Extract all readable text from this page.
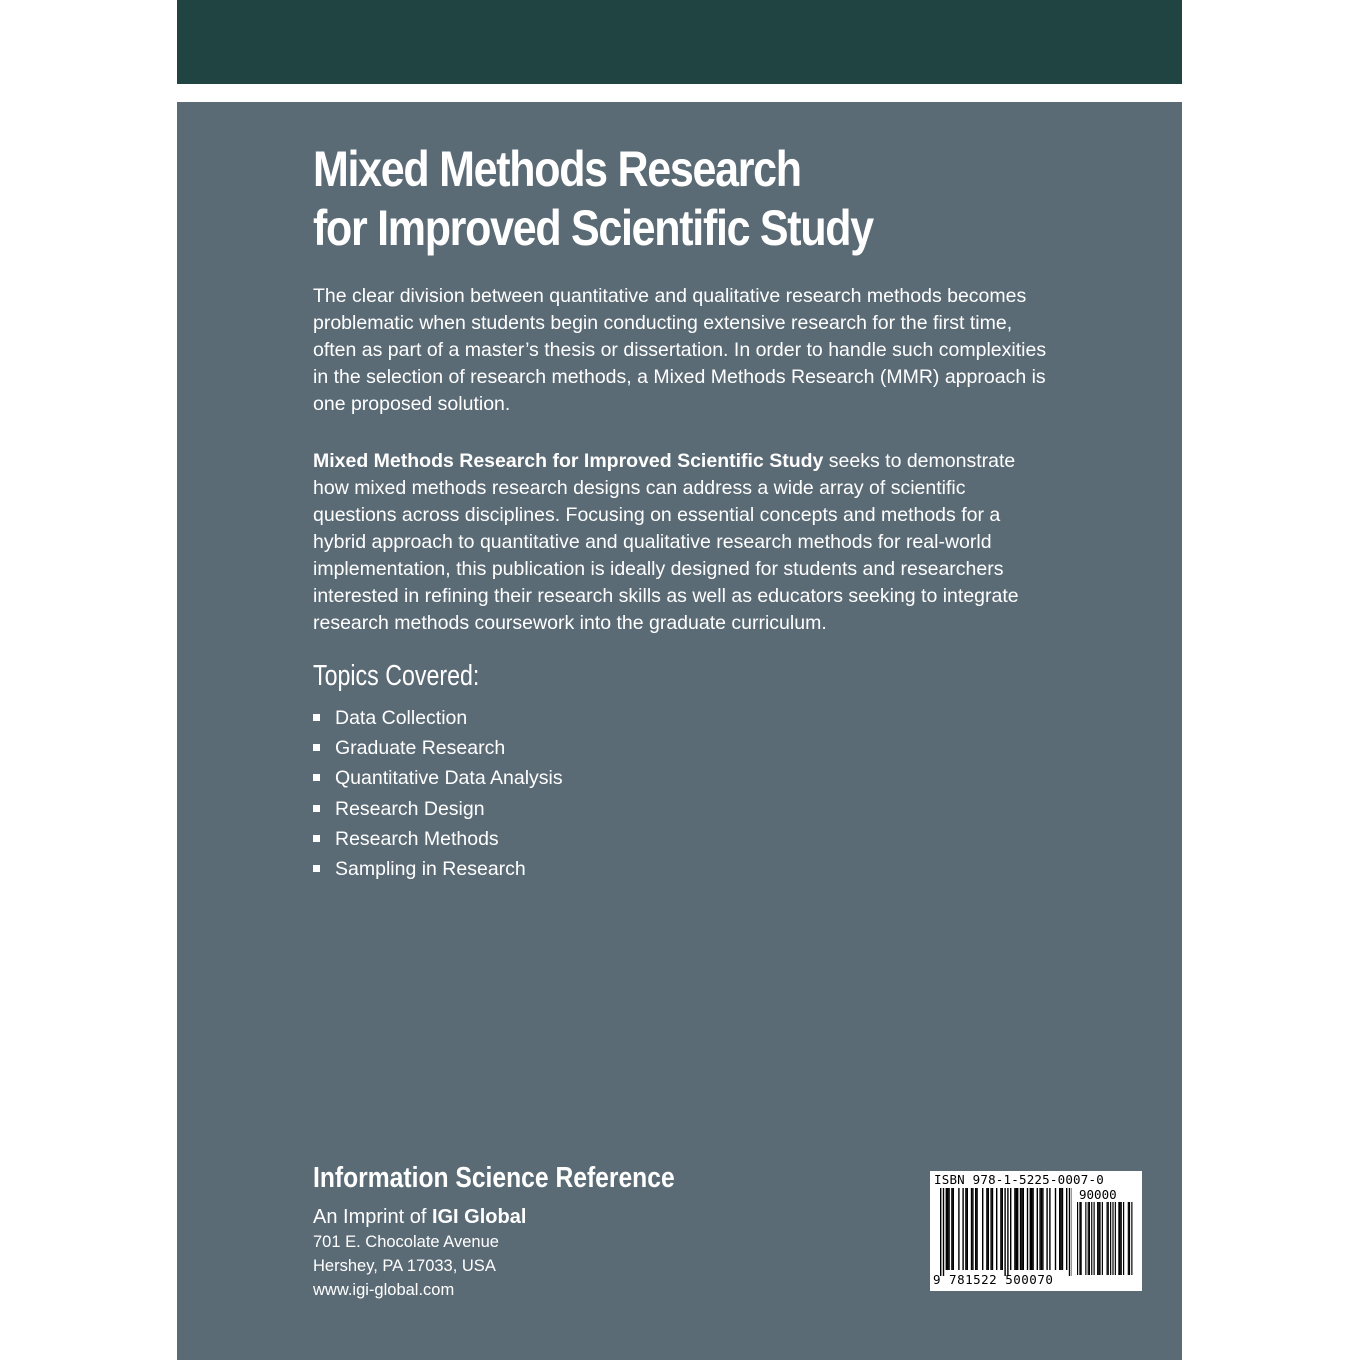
Mixed Methods Research
for Improved Scientific Study

The clear division between quantitative and qualitative research methods becomes problematic when students begin conducting extensive research for the first time, often as part of a master’s thesis or dissertation. In order to handle such complexities in the selection of research methods, a Mixed Methods Research (MMR) approach is one proposed solution.

Mixed Methods Research for Improved Scientific Study seeks to demonstrate how mixed methods research designs can address a wide array of scientific questions across disciplines. Focusing on essential concepts and methods for a hybrid approach to quantitative and qualitative research methods for real-world implementation, this publication is ideally designed for students and researchers interested in refining their research skills as well as educators seeking to integrate research methods coursework into the graduate curriculum.

Topics Covered:
Data Collection
Graduate Research
Quantitative Data Analysis
Research Design
Research Methods
Sampling in Research
Information Science Reference
An Imprint of IGI Global
701 E. Chocolate Avenue
Hershey, PA 17033, USA
www.igi-global.com
ISBN 978-1-5225-0007-0
90000
9 781522 500070
